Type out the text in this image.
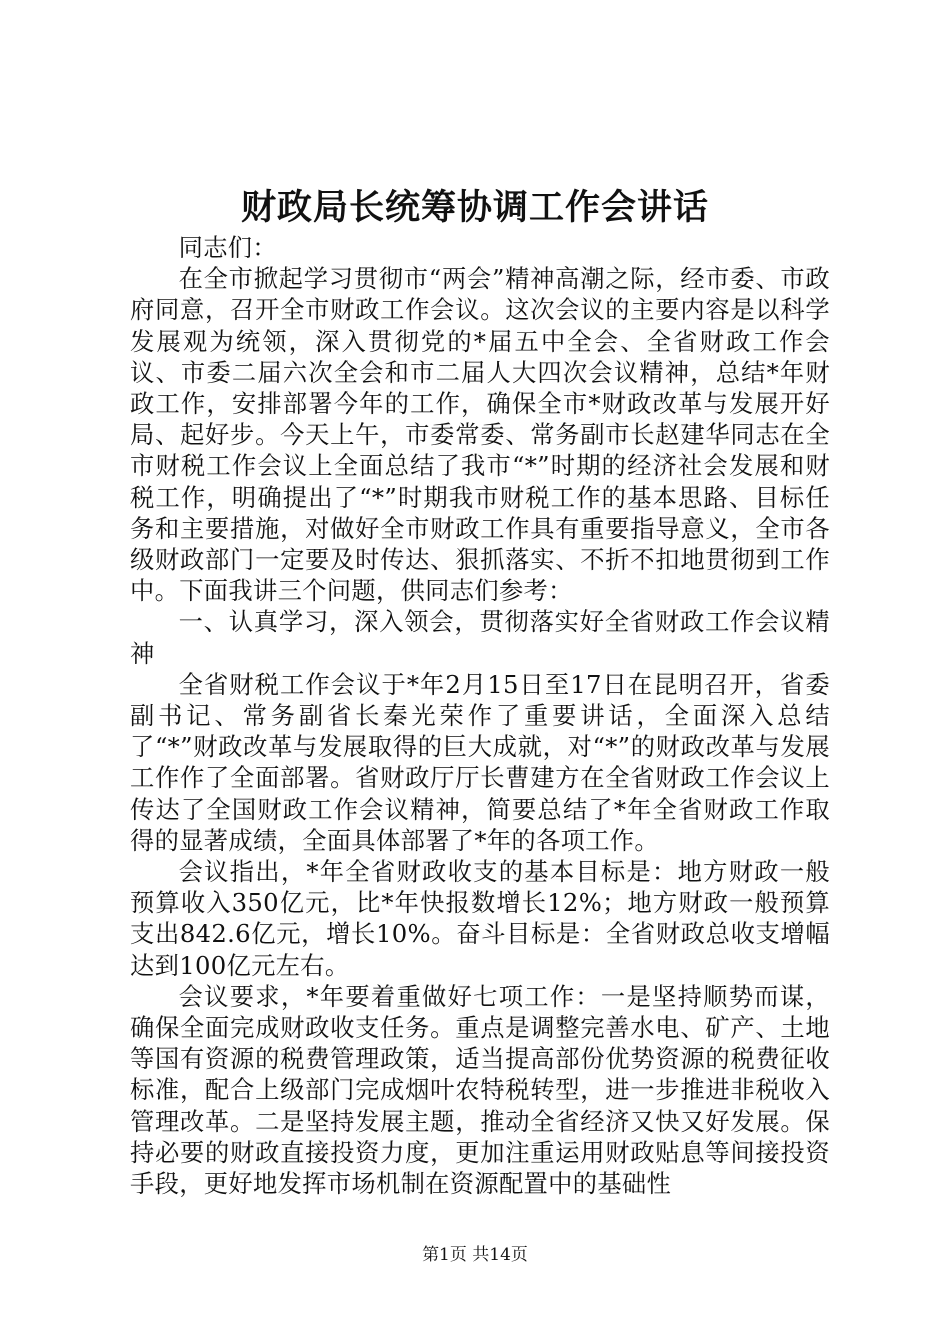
财政局长统筹协调工作会讲话

同志们：

在全市掀起学习贯彻市“两会”精神高潮之际，经市委、市政府同意，召开全市财政工作会议。这次会议的主要内容是以科学发展观为统领，深入贯彻党的*届五中全会、全省财政工作会议、市委二届六次全会和市二届人大四次会议精神，总结*年财政工作，安排部署今年的工作，确保全市*财政改革与发展开好局、起好步。今天上午，市委常委、常务副市长赵建华同志在全市财税工作会议上全面总结了我市“*”时期的经济社会发展和财税工作，明确提出了“*”时期我市财税工作的基本思路、目标任务和主要措施，对做好全市财政工作具有重要指导意义，全市各级财政部门一定要及时传达、狠抓落实、不折不扣地贯彻到工作中。下面我讲三个问题，供同志们参考：

一、认真学习，深入领会，贯彻落实好全省财政工作会议精神

全省财税工作会议于*年2月15日至17日在昆明召开，省委副书记、常务副省长秦光荣作了重要讲话，全面深入总结了“*”财政改革与发展取得的巨大成就，对“*”的财政改革与发展工作作了全面部署。省财政厅厅长曹建方在全省财政工作会议上传达了全国财政工作会议精神，简要总结了*年全省财政工作取得的显著成绩，全面具体部署了*年的各项工作。

会议指出，*年全省财政收支的基本目标是：地方财政一般预算收入350亿元，比*年快报数增长12%；地方财政一般预算支出842.6亿元，增长10%。奋斗目标是：全省财政总收支增幅达到100亿元左右。

会议要求，*年要着重做好七项工作：一是坚持顺势而谋，确保全面完成财政收支任务。重点是调整完善水电、矿产、土地等国有资源的税费管理政策，适当提高部份优势资源的税费征收标准，配合上级部门完成烟叶农特税转型，进一步推进非税收入管理改革。二是坚持发展主题，推动全省经济又快又好发展。保持必要的财政直接投资力度，更加注重运用财政贴息等间接投资手段，更好地发挥市场机制在资源配置中的基础性

第1页 共14页
